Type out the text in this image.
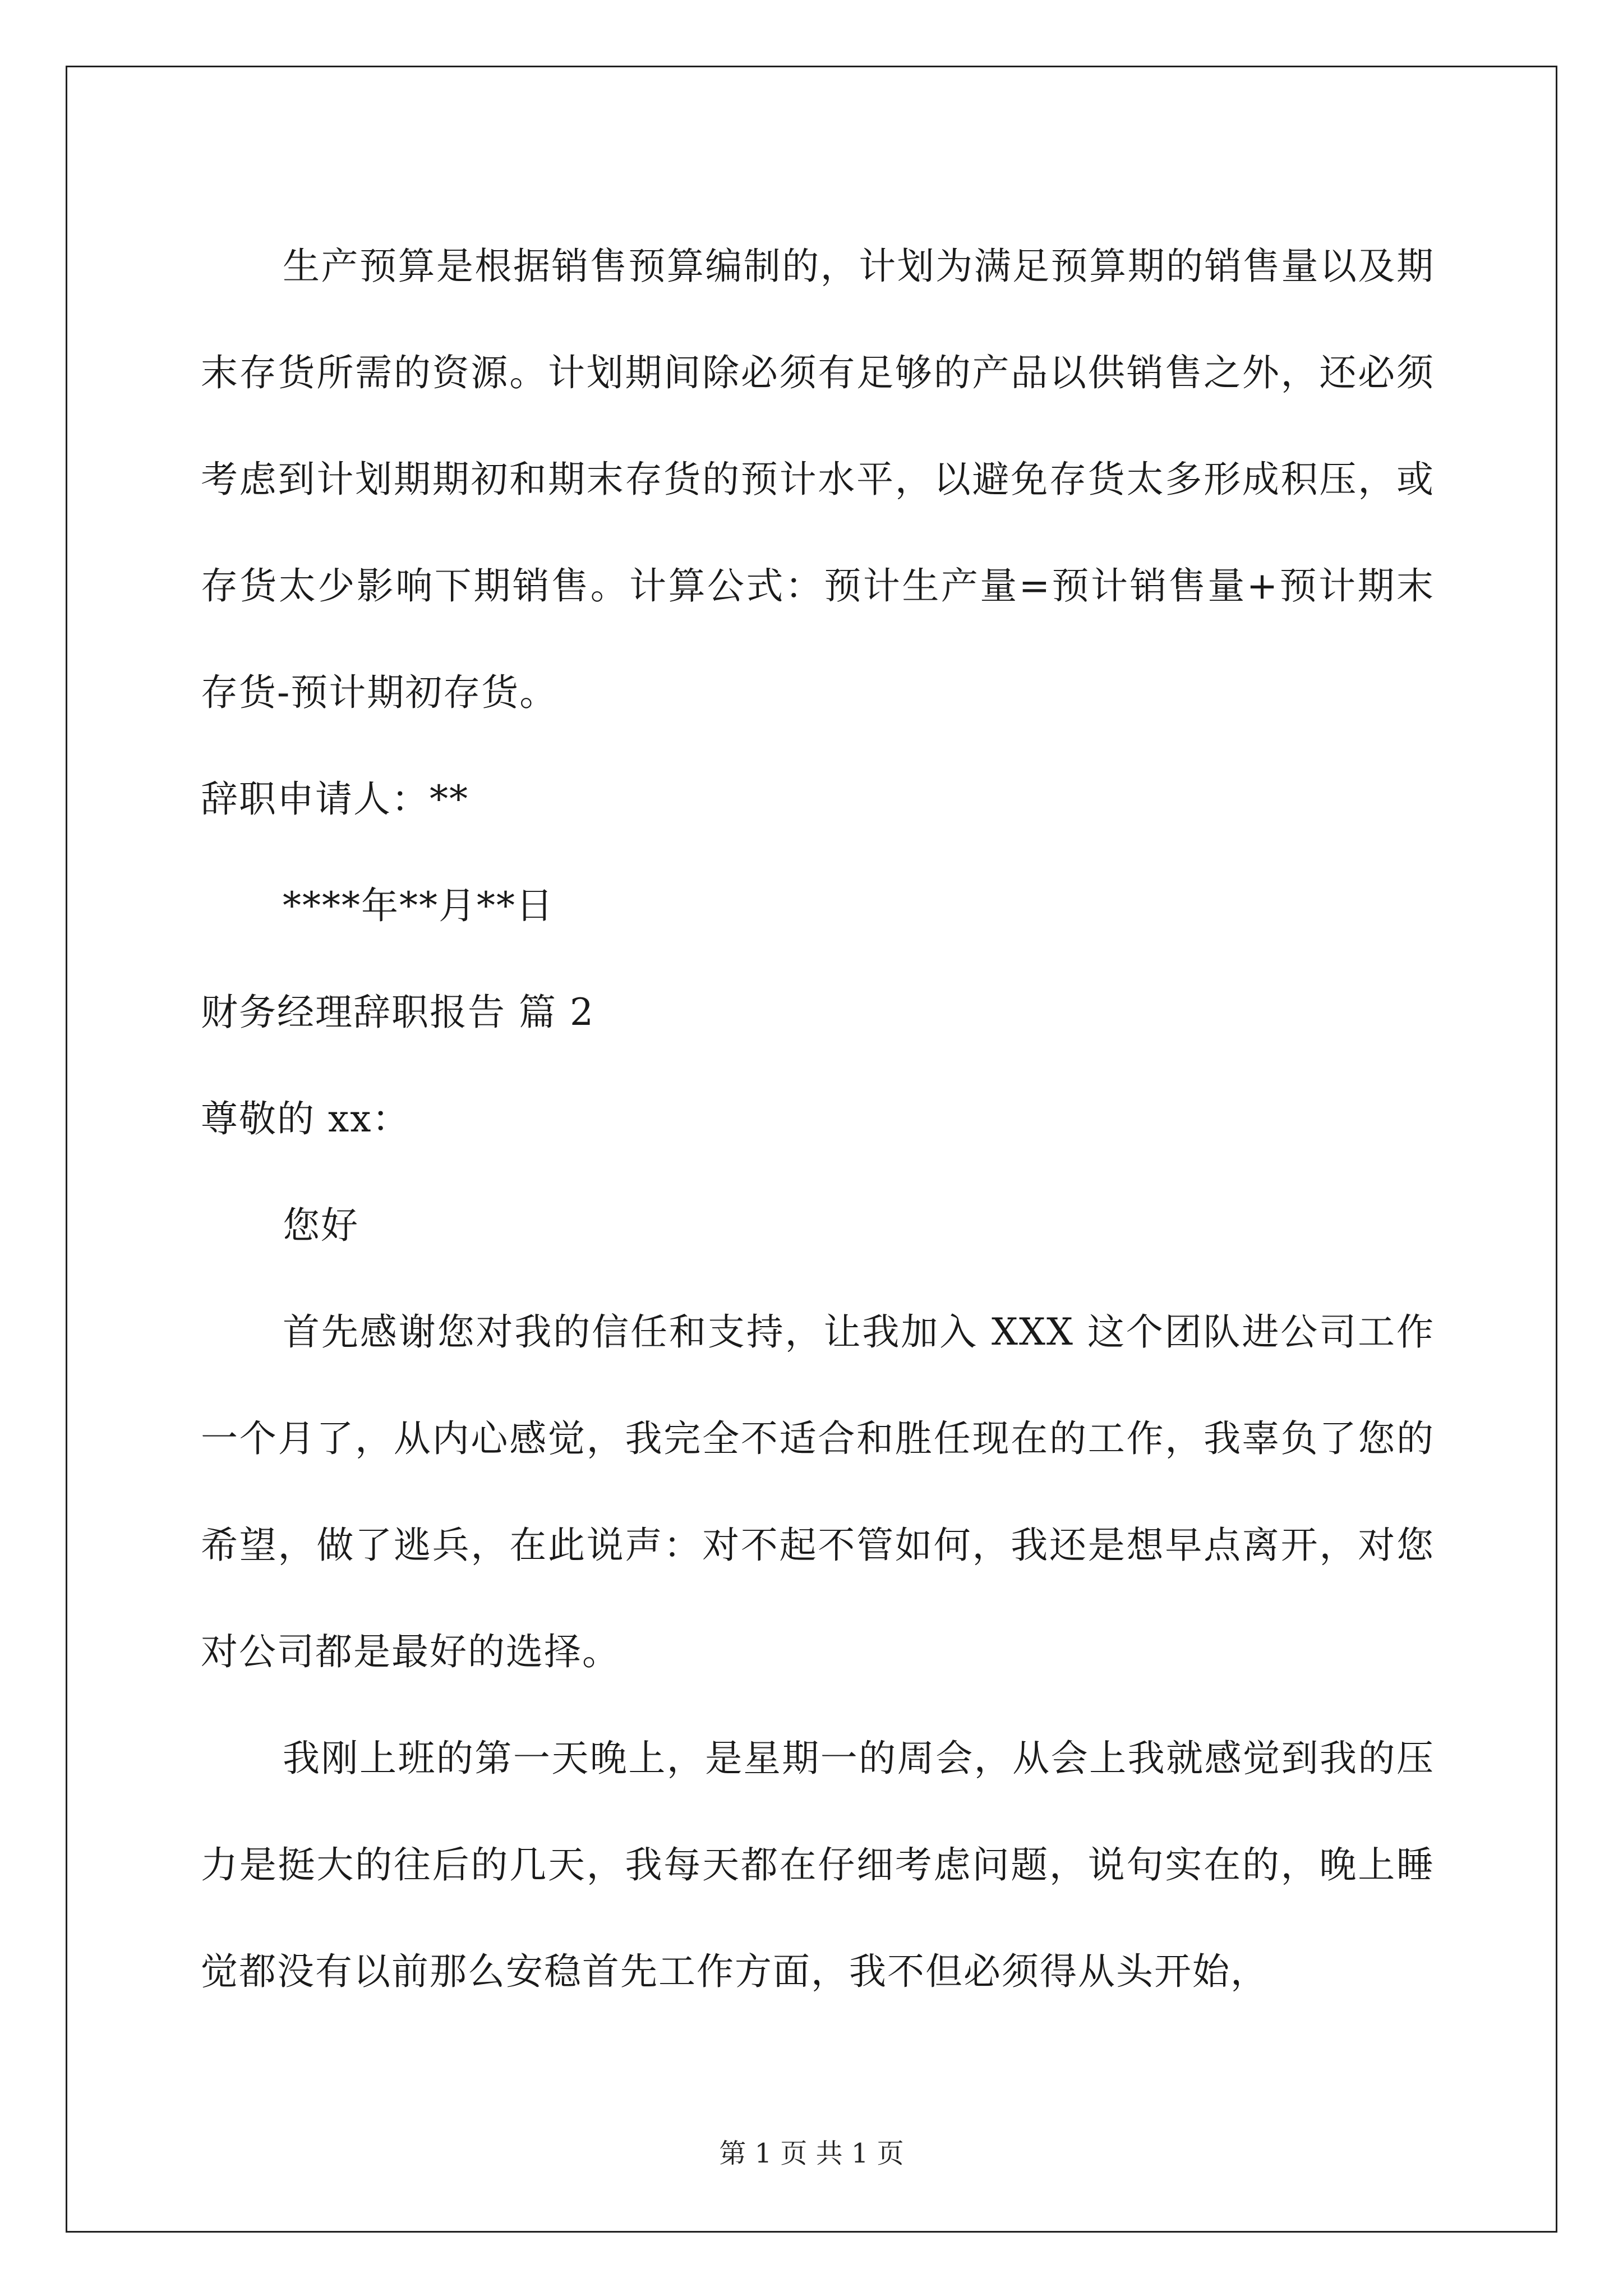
生产预算是根据销售预算编制的，计划为满足预算期的销售量以及期末存货所需的资源。计划期间除必须有足够的产品以供销售之外，还必须考虑到计划期期初和期末存货的预计水平，以避免存货太多形成积压，或存货太少影响下期销售。计算公式：预计生产量=预计销售量+预计期末存货-预计期初存货。

辞职申请人：**

****年**月**日

财务经理辞职报告 篇 2

尊敬的 xx：

您好

首先感谢您对我的信任和支持，让我加入 XXX 这个团队进公司工作一个月了，从内心感觉，我完全不适合和胜任现在的工作，我辜负了您的希望，做了逃兵，在此说声：对不起不管如何，我还是想早点离开，对您对公司都是最好的选择。

我刚上班的第一天晚上，是星期一的周会，从会上我就感觉到我的压力是挺大的往后的几天，我每天都在仔细考虑问题，说句实在的，晚上睡觉都没有以前那么安稳首先工作方面，我不但必须得从头开始，

第 1 页 共 1 页
